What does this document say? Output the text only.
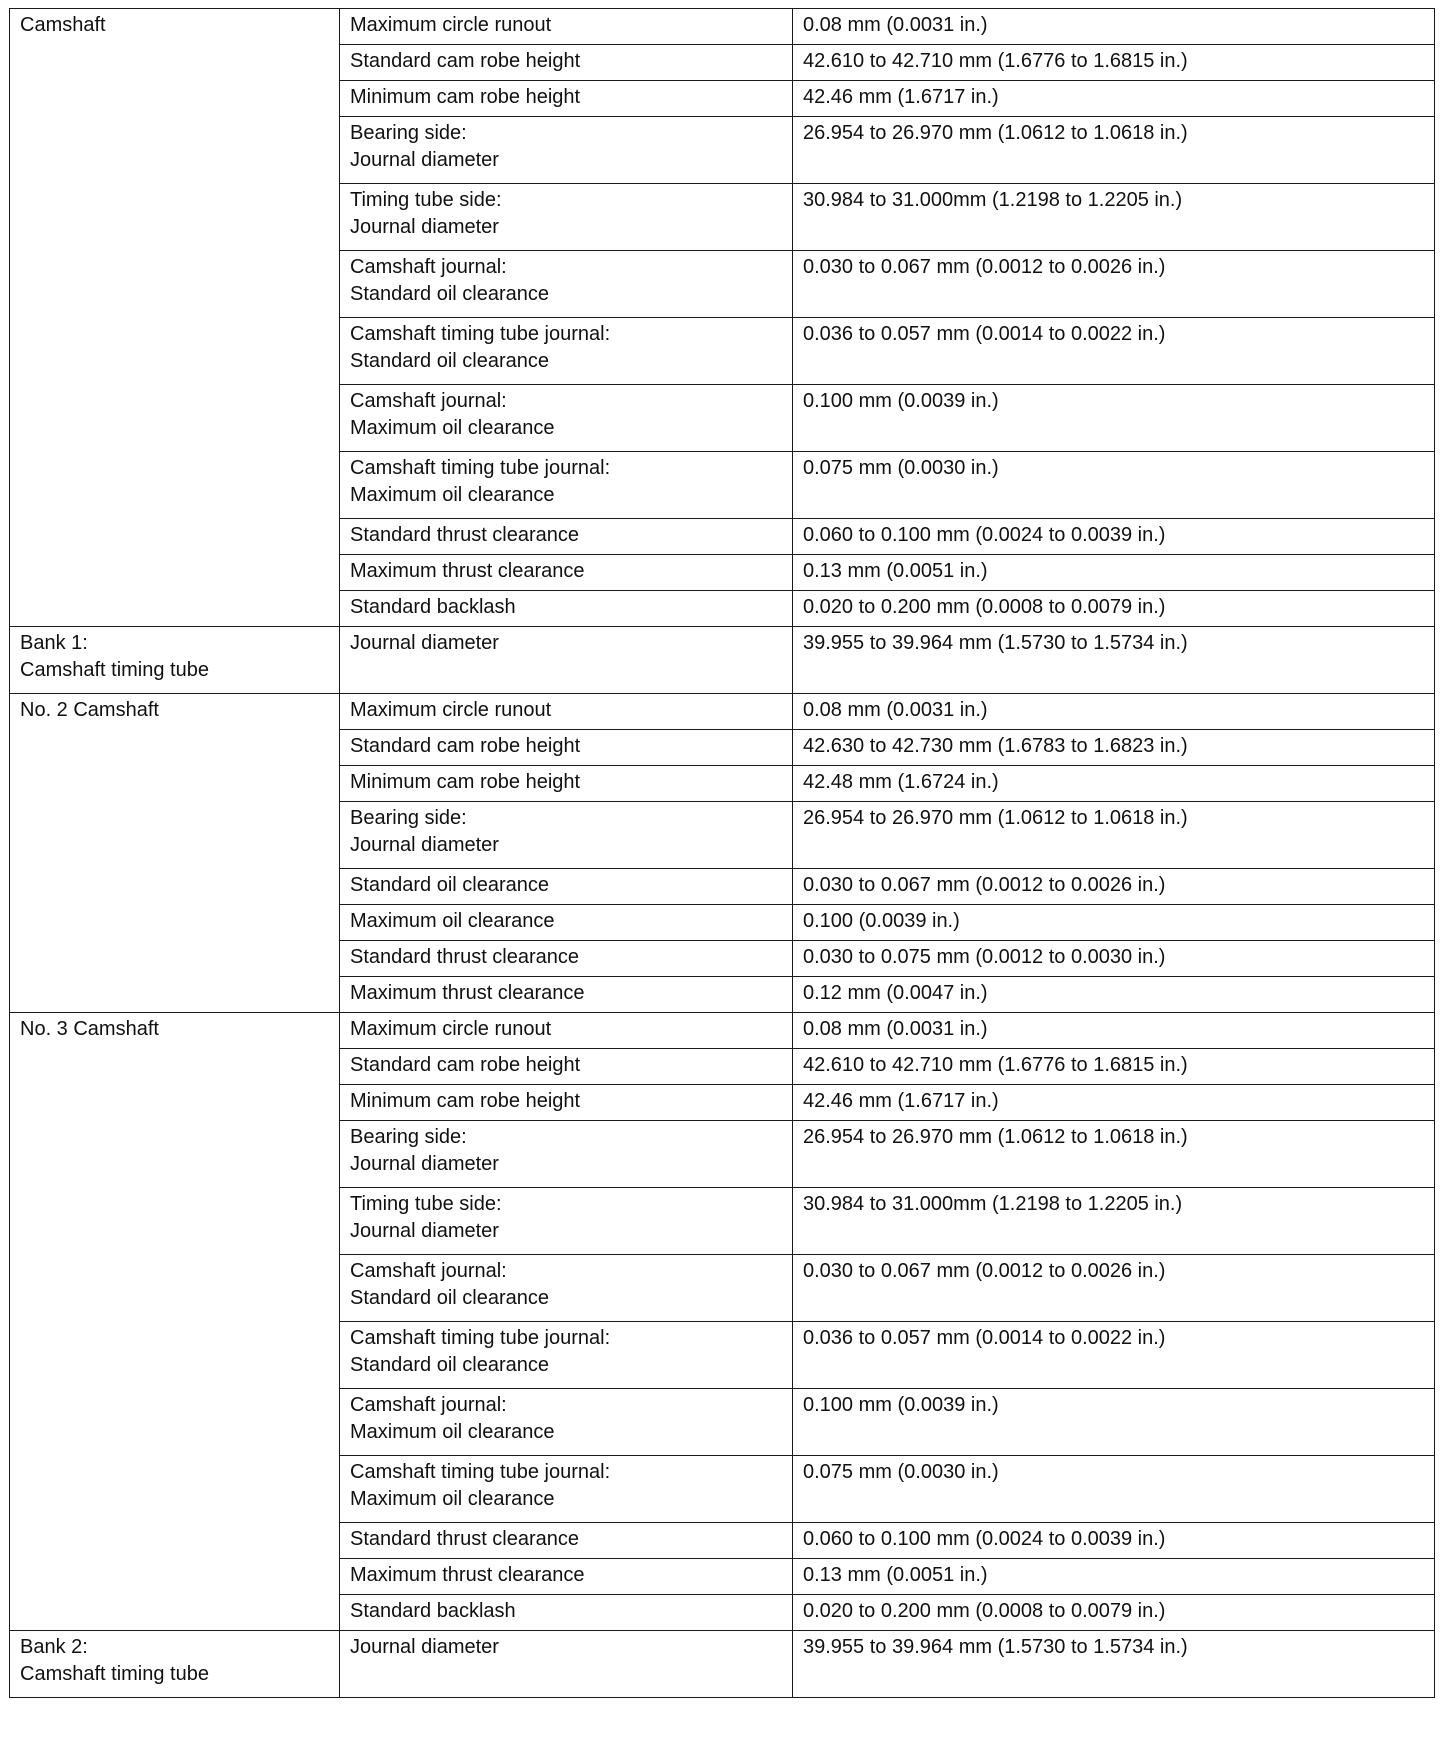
Camshaft	Maximum circle runout	0.08 mm (0.0031 in.)

	Standard cam robe height	42.610 to 42.710 mm (1.6776 to 1.6815 in.)

	Minimum cam robe height	42.46 mm (1.6717 in.)

	Bearing side:
Journal diameter	26.954 to 26.970 mm (1.0612 to 1.0618 in.)

	Timing tube side:
Journal diameter	30.984 to 31.000mm (1.2198 to 1.2205 in.)

	Camshaft journal:
Standard oil clearance	0.030 to 0.067 mm (0.0012 to 0.0026 in.)

	Camshaft timing tube journal:
Standard oil clearance	0.036 to 0.057 mm (0.0014 to 0.0022 in.)

	Camshaft journal:
Maximum oil clearance	0.100 mm (0.0039 in.)

	Camshaft timing tube journal:
Maximum oil clearance	0.075 mm (0.0030 in.)

	Standard thrust clearance	0.060 to 0.100 mm (0.0024 to 0.0039 in.)

	Maximum thrust clearance	0.13 mm (0.0051 in.)

	Standard backlash	0.020 to 0.200 mm (0.0008 to 0.0079 in.)

Bank 1:
Camshaft timing tube	Journal diameter	39.955 to 39.964 mm (1.5730 to 1.5734 in.)

No. 2 Camshaft	Maximum circle runout	0.08 mm (0.0031 in.)

	Standard cam robe height	42.630 to 42.730 mm (1.6783 to 1.6823 in.)

	Minimum cam robe height	42.48 mm (1.6724 in.)

	Bearing side:
Journal diameter	26.954 to 26.970 mm (1.0612 to 1.0618 in.)

	Standard oil clearance	0.030 to 0.067 mm (0.0012 to 0.0026 in.)

	Maximum oil clearance	0.100 (0.0039 in.)

	Standard thrust clearance	0.030 to 0.075 mm (0.0012 to 0.0030 in.)

	Maximum thrust clearance	0.12 mm (0.0047 in.)

No. 3 Camshaft	Maximum circle runout	0.08 mm (0.0031 in.)

	Standard cam robe height	42.610 to 42.710 mm (1.6776 to 1.6815 in.)

	Minimum cam robe height	42.46 mm (1.6717 in.)

	Bearing side:
Journal diameter	26.954 to 26.970 mm (1.0612 to 1.0618 in.)

	Timing tube side:
Journal diameter	30.984 to 31.000mm (1.2198 to 1.2205 in.)

	Camshaft journal:
Standard oil clearance	0.030 to 0.067 mm (0.0012 to 0.0026 in.)

	Camshaft timing tube journal:
Standard oil clearance	0.036 to 0.057 mm (0.0014 to 0.0022 in.)

	Camshaft journal:
Maximum oil clearance	0.100 mm (0.0039 in.)

	Camshaft timing tube journal:
Maximum oil clearance	0.075 mm (0.0030 in.)

	Standard thrust clearance	0.060 to 0.100 mm (0.0024 to 0.0039 in.)

	Maximum thrust clearance	0.13 mm (0.0051 in.)

	Standard backlash	0.020 to 0.200 mm (0.0008 to 0.0079 in.)

Bank 2:
Camshaft timing tube	Journal diameter	39.955 to 39.964 mm (1.5730 to 1.5734 in.)
